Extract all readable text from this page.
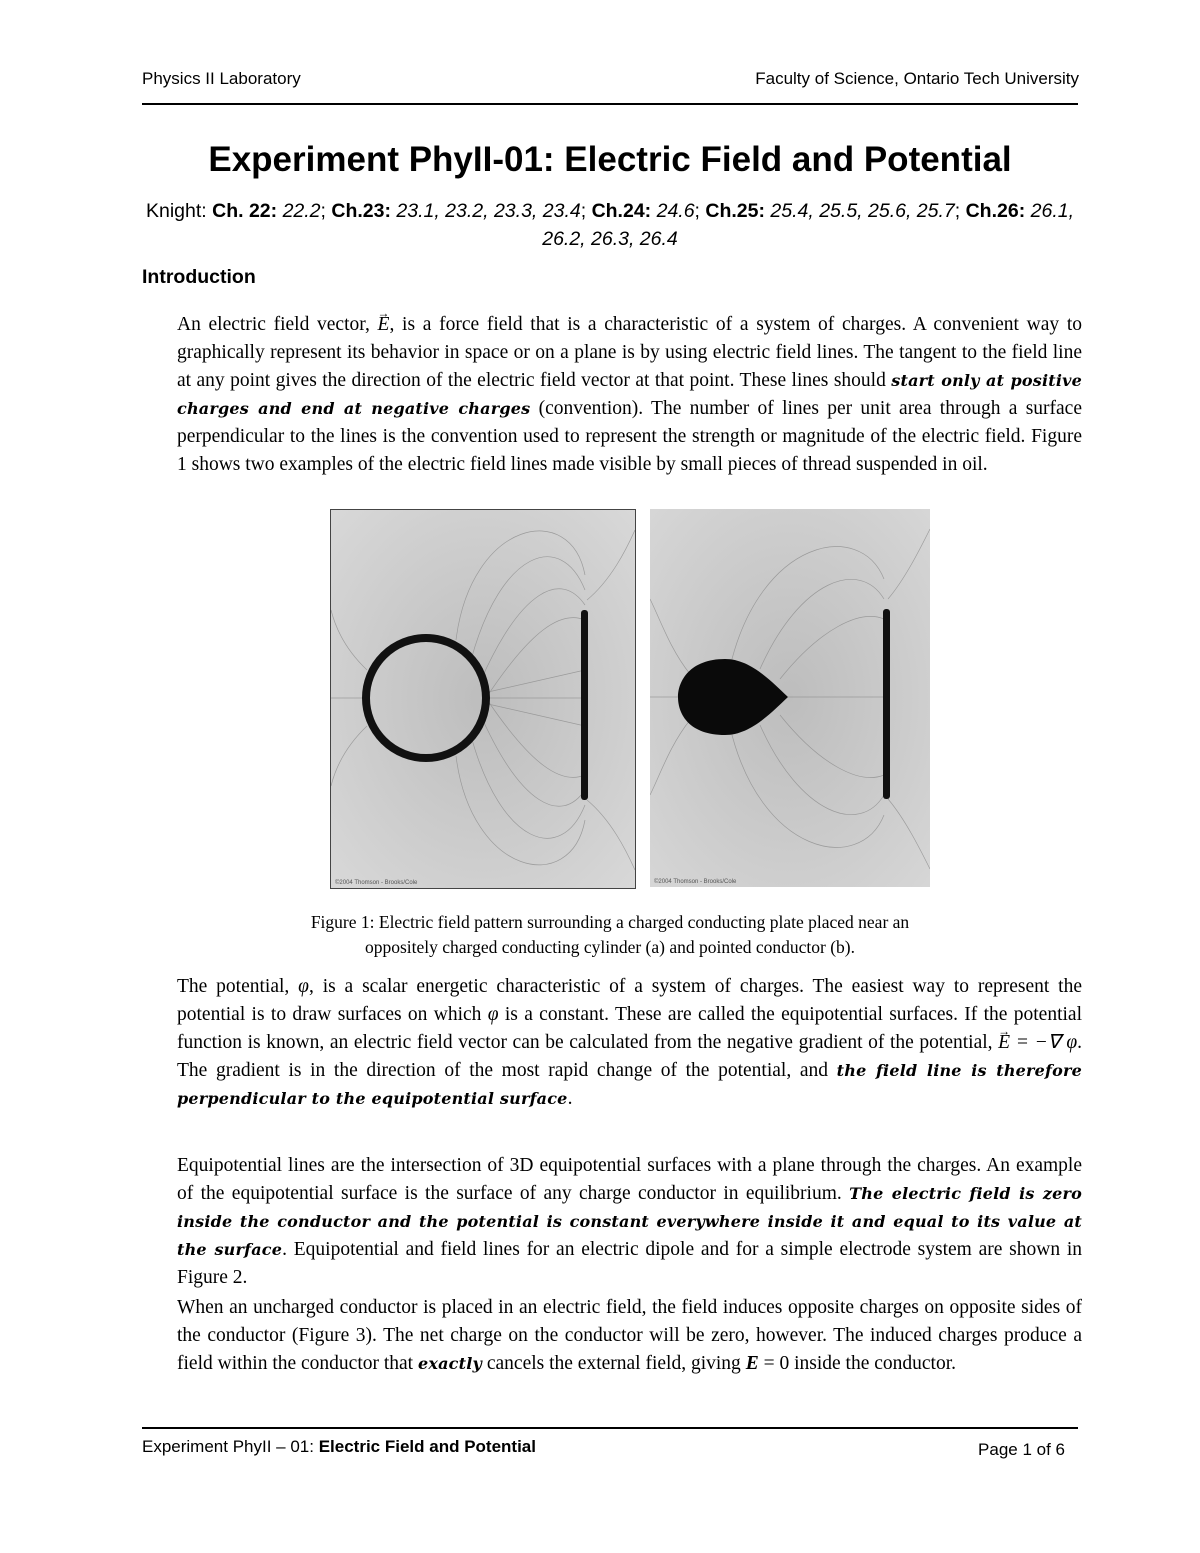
Physics II Laboratory	Faculty of Science, Ontario Tech University
Experiment PhyII-01: Electric Field and Potential
Knight: Ch. 22: 22.2; Ch.23: 23.1, 23.2, 23.3, 23.4; Ch.24: 24.6; Ch.25: 25.4, 25.5, 25.6, 25.7; Ch.26: 26.1, 26.2, 26.3, 26.4
Introduction

An electric field vector, → E, is a force field that is a characteristic of a system of charges. A convenient way to graphically represent its behavior in space or on a plane is by using electric field lines. The tangent to the field line at any point gives the direction of the electric field vector at that point. These lines should start only at positive charges and end at negative charges (convention). The number of lines per unit area through a surface perpendicular to the lines is the convention used to represent the strength or magnitude of the electric field. Figure 1 shows two examples of the electric field lines made visible by small pieces of thread suspended in oil.

©2004 Thomson - Brooks/Cole	©2004 Thomson - Brooks/Cole
Figure 1: Electric field pattern surrounding a charged conducting plate placed near an
oppositely charged conducting cylinder (a) and pointed conductor (b).

The potential, φ, is a scalar energetic characteristic of a system of charges. The easiest way to represent the potential is to draw surfaces on which φ is a constant. These are called the equipotential surfaces. If the potential function is known, an electric field vector can be calculated from the negative gradient of the potential, → E = −∇ φ. The gradient is in the direction of the most rapid change of the potential, and the field line is therefore perpendicular to the equipotential surface.

Equipotential lines are the intersection of 3D equipotential surfaces with a plane through the charges. An example of the equipotential surface is the surface of any charge conductor in equilibrium. The electric field is zero inside the conductor and the potential is constant everywhere inside it and equal to its value at the surface. Equipotential and field lines for an electric dipole and for a simple electrode system are shown in Figure 2.

When an uncharged conductor is placed in an electric field, the field induces opposite charges on opposite sides of the conductor (Figure 3). The net charge on the conductor will be zero, however. The induced charges produce a field within the conductor that exactly cancels the external field, giving E = 0 inside the conductor.

Experiment PhyII – 01: Electric Field and Potential	Page 1 of 6
